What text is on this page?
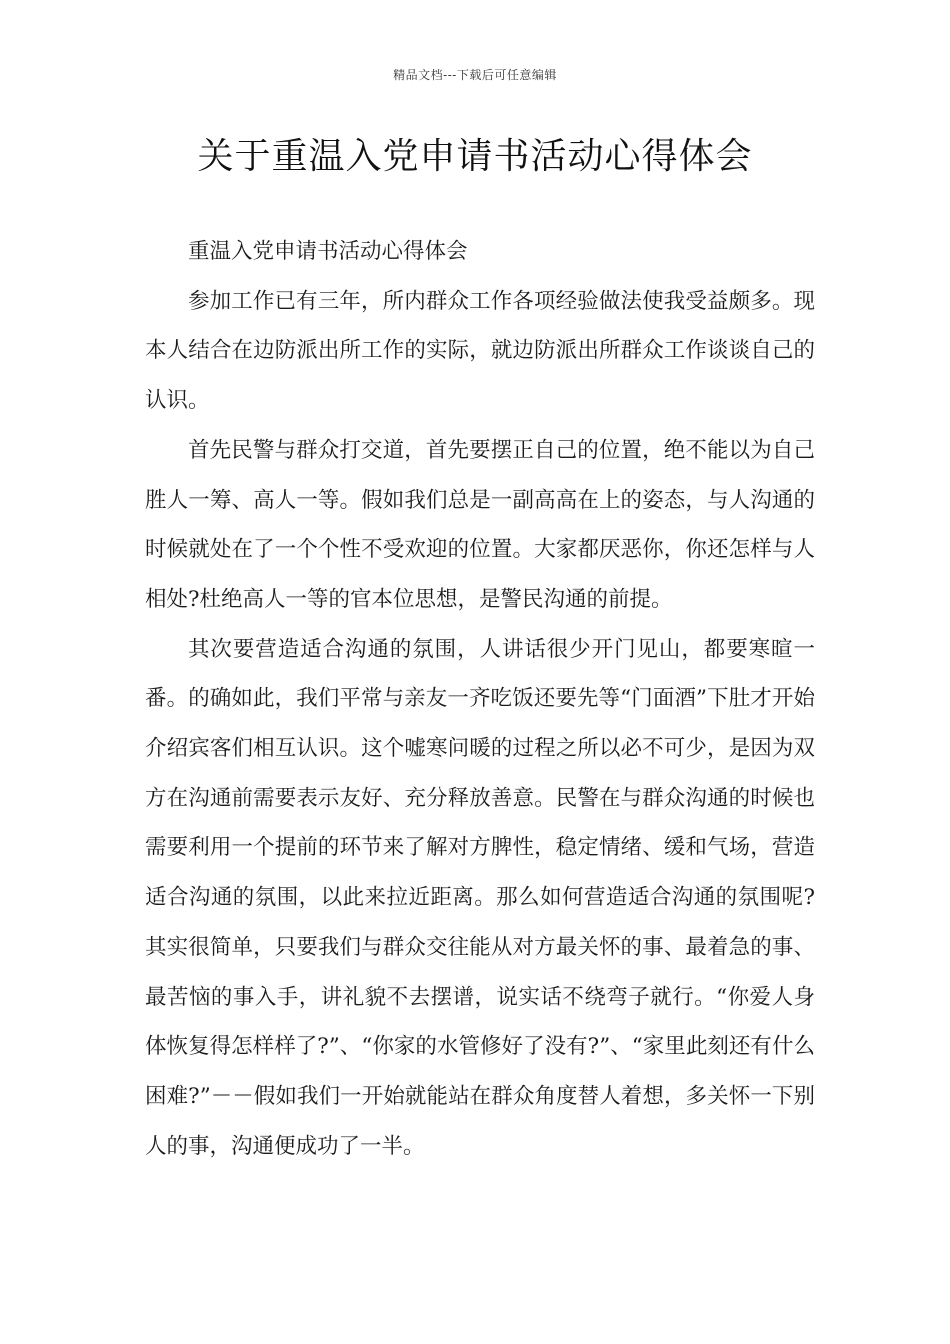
精品文档---下载后可任意编辑
关于重温入党申请书活动心得体会

重温入党申请书活动心得体会

参加工作已有三年，所内群众工作各项经验做法使我受益颇多。现本人结合在边防派出所工作的实际，就边防派出所群众工作谈谈自己的认识。

首先民警与群众打交道，首先要摆正自己的位置，绝不能以为自己胜人一筹、高人一等。假如我们总是一副高高在上的姿态，与人沟通的时候就处在了一个个性不受欢迎的位置。大家都厌恶你，你还怎样与人相处?杜绝高人一等的官本位思想，是警民沟通的前提。

其次要营造适合沟通的氛围，人讲话很少开门见山，都要寒暄一番。的确如此，我们平常与亲友一齐吃饭还要先等“门面酒”下肚才开始介绍宾客们相互认识。这个嘘寒问暖的过程之所以必不可少，是因为双方在沟通前需要表示友好、充分释放善意。民警在与群众沟通的时候也需要利用一个提前的环节来了解对方脾性，稳定情绪、缓和气场，营造适合沟通的氛围，以此来拉近距离。那么如何营造适合沟通的氛围呢?其实很简单，只要我们与群众交往能从对方最关怀的事、最着急的事、最苦恼的事入手，讲礼貌不去摆谱，说实话不绕弯子就行。“你爱人身体恢复得怎样样了?”、“你家的水管修好了没有?”、“家里此刻还有什么困难?”－－假如我们一开始就能站在群众角度替人着想，多关怀一下别人的事，沟通便成功了一半。
